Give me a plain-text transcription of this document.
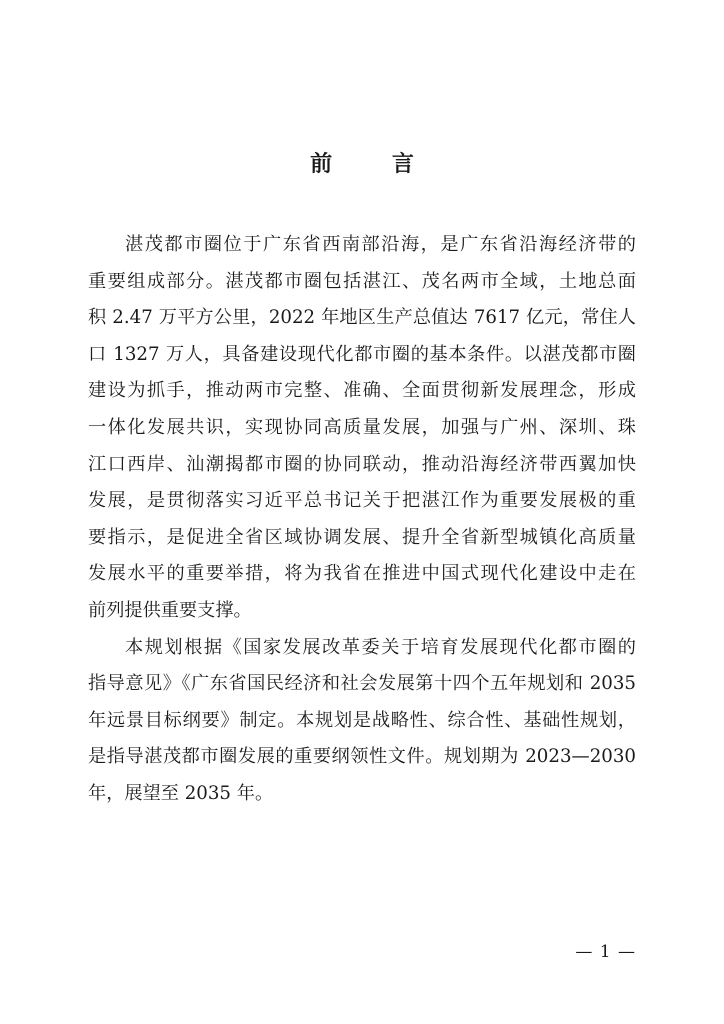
前 言
湛茂都市圈位于广东省西南部沿海，是广东省沿海经济带的
重要组成部分。湛茂都市圈包括湛江、茂名两市全域，土地总面
积 2.47 万平方公里，2022 年地区生产总值达 7617 亿元，常住人
口 1327 万人，具备建设现代化都市圈的基本条件。以湛茂都市圈
建设为抓手，推动两市完整、准确、全面贯彻新发展理念，形成
一体化发展共识，实现协同高质量发展，加强与广州、深圳、珠
江口西岸、汕潮揭都市圈的协同联动，推动沿海经济带西翼加快
发展，是贯彻落实习近平总书记关于把湛江作为重要发展极的重
要指示，是促进全省区域协调发展、提升全省新型城镇化高质量
发展水平的重要举措，将为我省在推进中国式现代化建设中走在
前列提供重要支撑。
本规划根据《国家发展改革委关于培育发展现代化都市圈的
指导意见》《广东省国民经济和社会发展第十四个五年规划和 2035
年远景目标纲要》制定。本规划是战略性、综合性、基础性规划，
是指导湛茂都市圈发展的重要纲领性文件。规划期为 2023—2030
年，展望至 2035 年。
— 1 —
